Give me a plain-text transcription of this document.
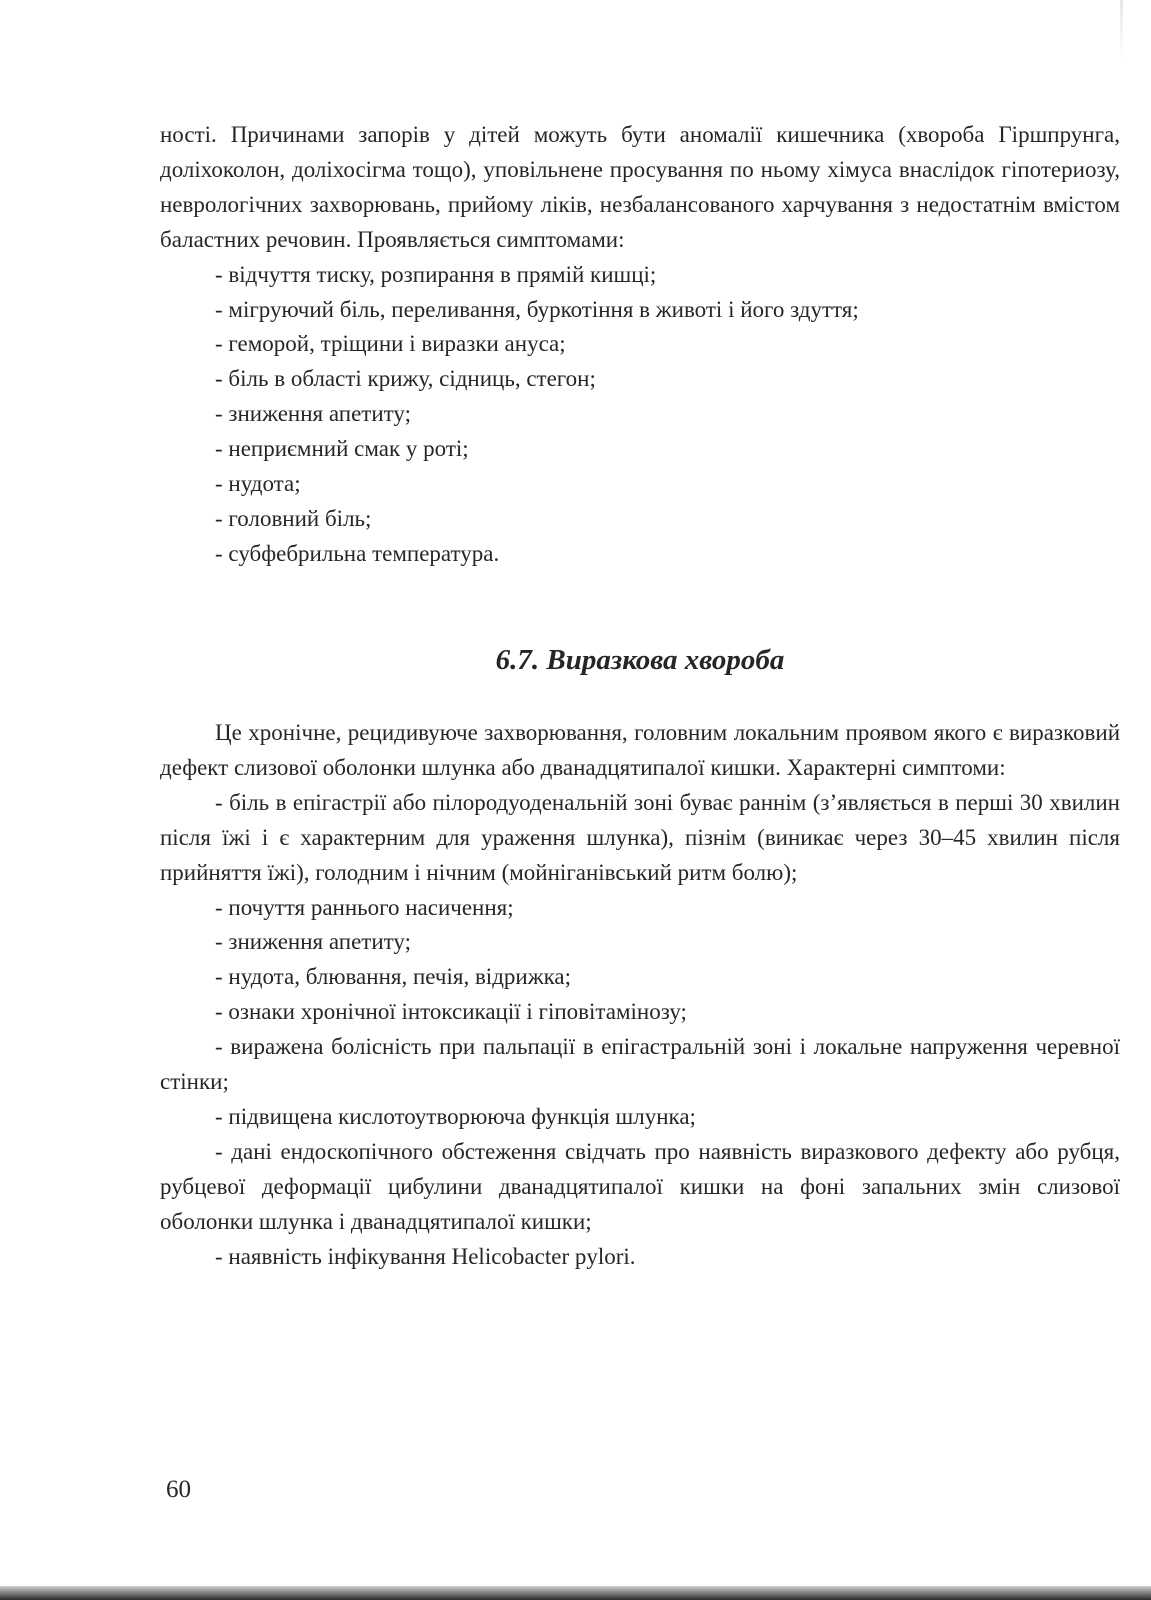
ності. Причинами запорів у дітей можуть бути аномалії кишечника (хвороба Гіршпрунга, доліхоколон, доліхосігма тощо), уповільнене просування по ньому хімуса внаслідок гіпотериозу, неврологічних захворювань, прийому ліків, незбалансованого харчування з недостатнім вмістом баластних речовин. Проявляється симптомами:

- відчуття тиску, розпирання в прямій кишці;

- мігруючий біль, переливання, буркотіння в животі і його здуття;

- геморой, тріщини і виразки ануса;

- біль в області крижу, сідниць, стегон;

- зниження апетиту;

- неприємний смак у роті;

- нудота;

- головний біль;

- субфебрильна температура.

6.7. Виразкова хвороба

Це хронічне, рецидивуюче захворювання, головним локальним проявом якого є виразковий дефект слизової оболонки шлунка або дванадцятипалої кишки. Характерні симптоми:

- біль в епігастрії або пілородуоденальній зоні буває раннім (з’являється в перші 30 хвилин після їжі і є характерним для ураження шлунка), пізнім (виникає через 30–45 хвилин після прийняття їжі), голодним і нічним (мойніганівський ритм болю);

- почуття раннього насичення;

- зниження апетиту;

- нудота, блювання, печія, відрижка;

- ознаки хронічної інтоксикації і гіповітамінозу;

- виражена болісність при пальпації в епігастральній зоні і локальне напруження черевної стінки;

- підвищена кислотоутворююча функція шлунка;

- дані ендоскопічного обстеження свідчать про наявність виразкового дефекту або рубця, рубцевої деформації цибулини дванадцятипалої кишки на фоні запальних змін слизової оболонки шлунка і дванадцятипалої кишки;

- наявність інфікування Helicobacter pylori.

60
